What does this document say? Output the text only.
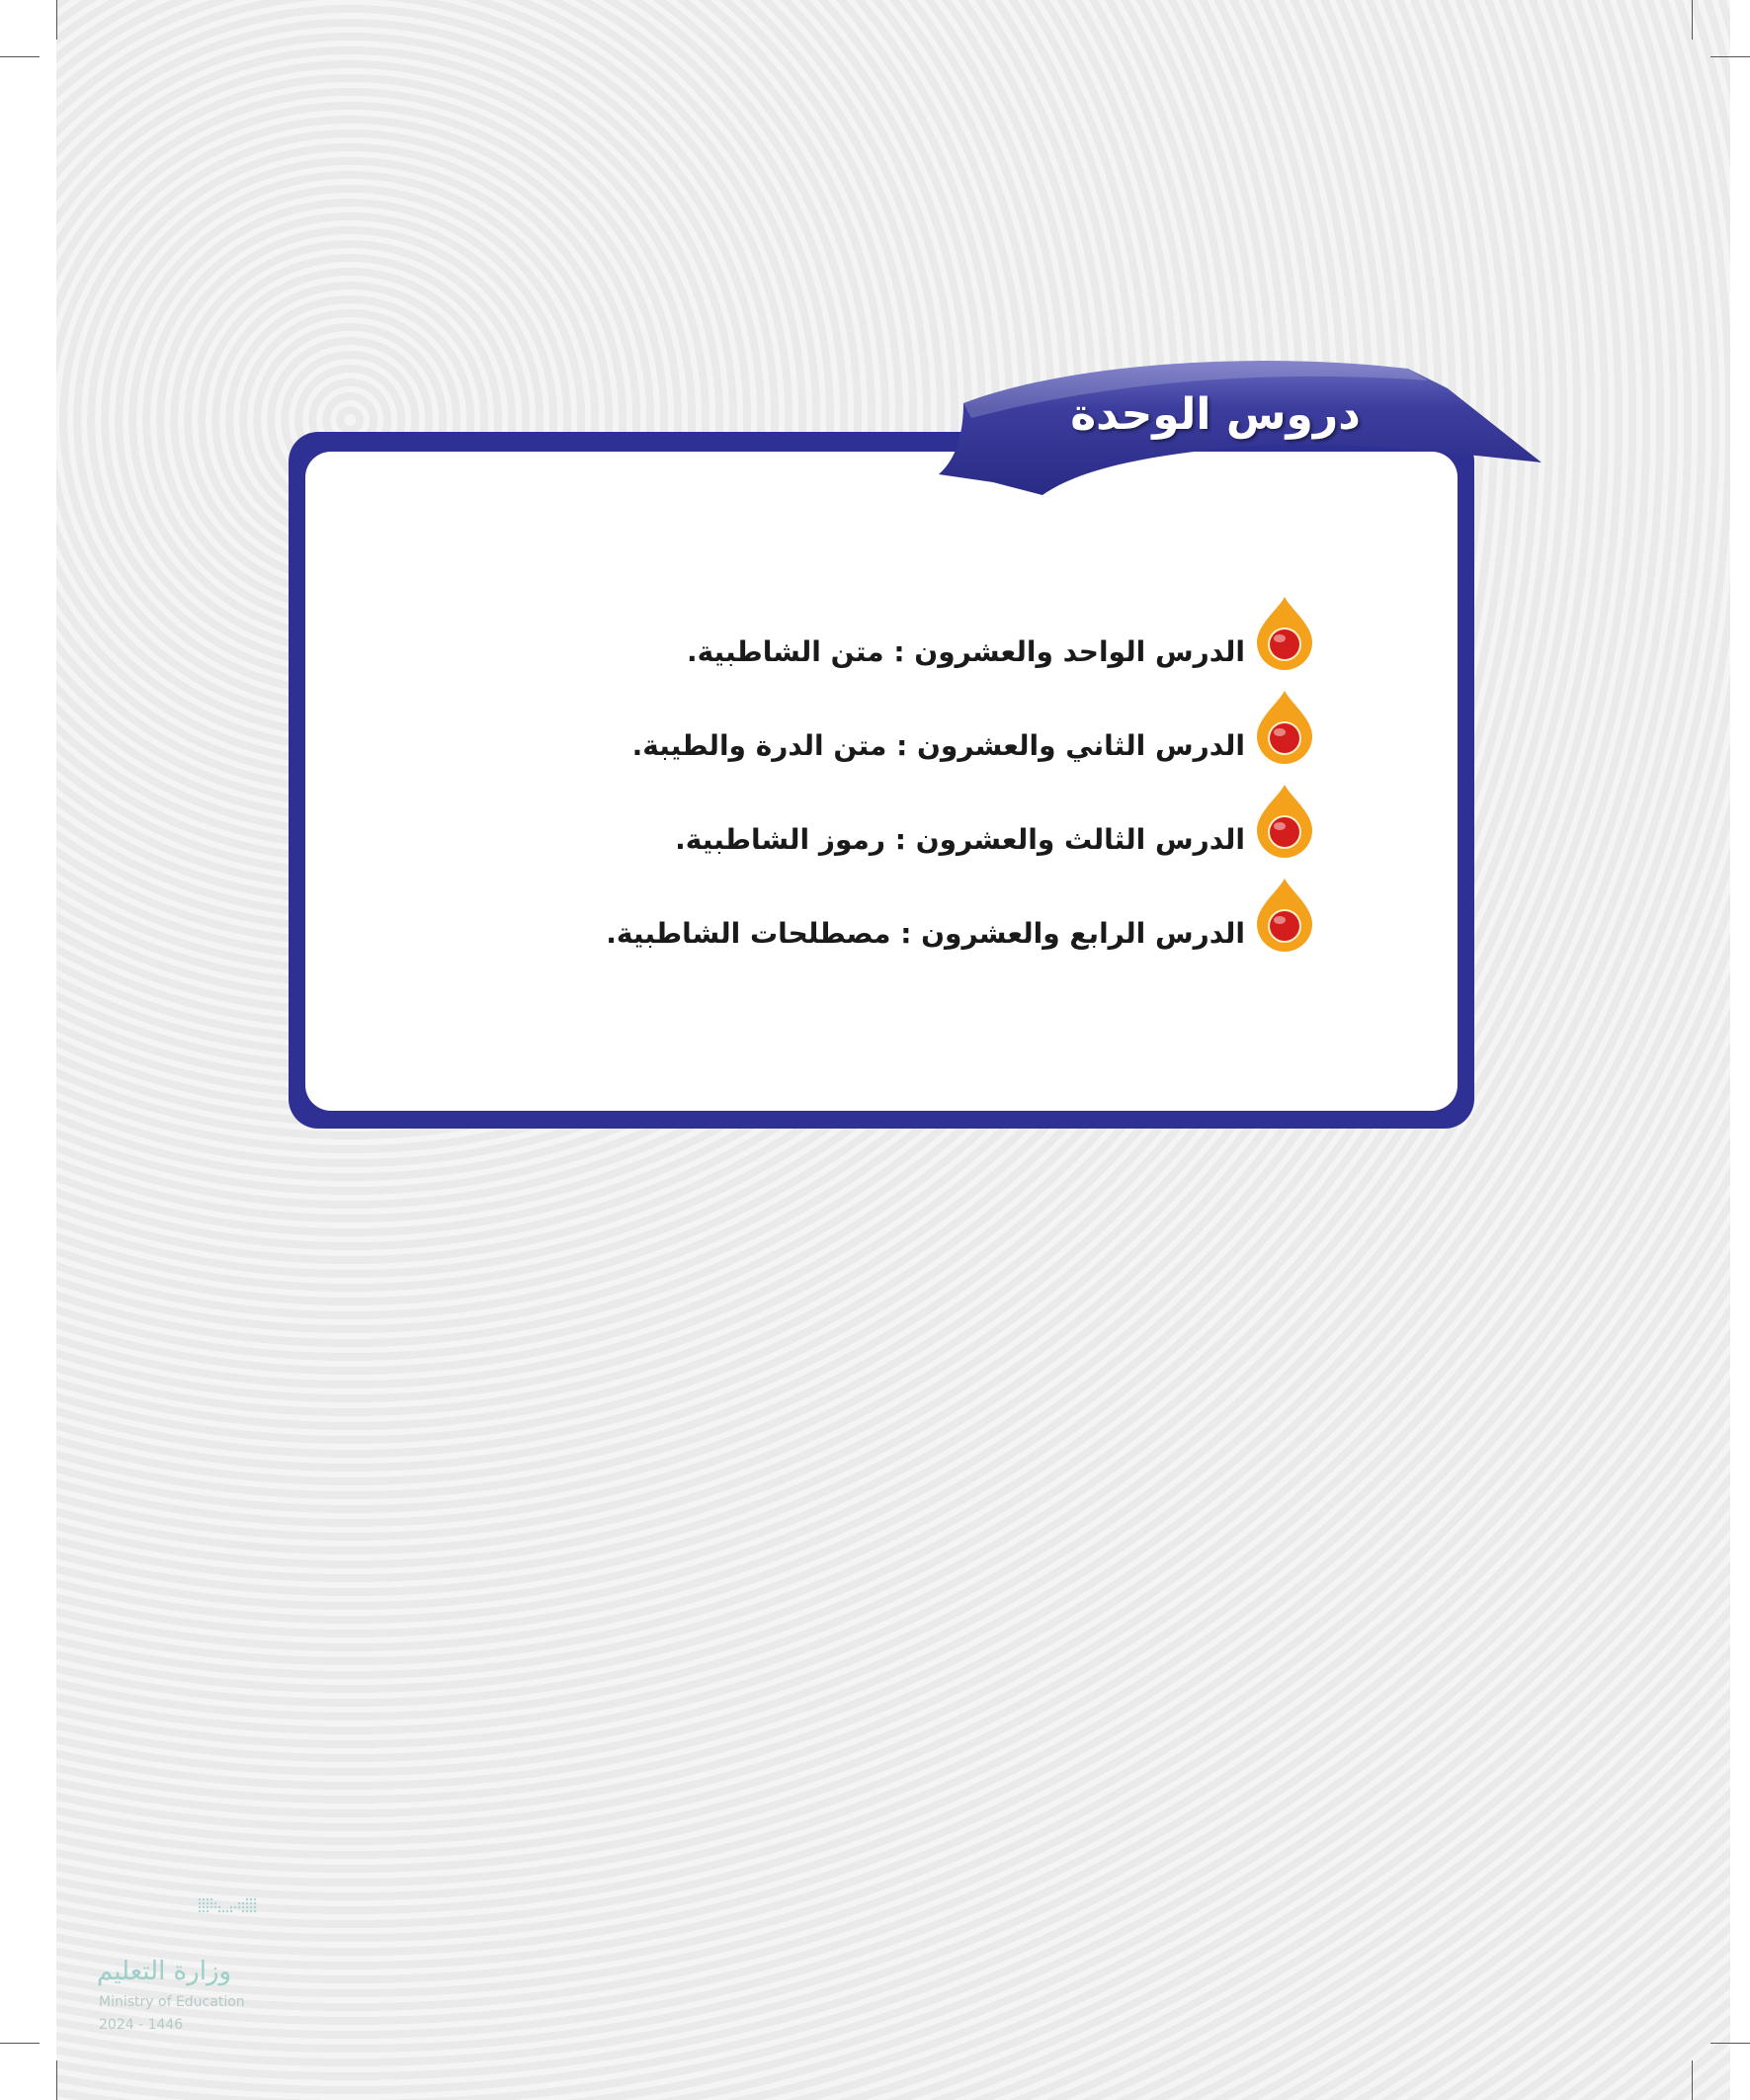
دروس الوحدة
الدرس الواحد والعشرون : متن الشاطبية.
الدرس الثاني والعشرون : متن الدرة والطيبة.
الدرس الثالث والعشرون : رموز الشاطبية.
الدرس الرابع والعشرون : مصطلحات الشاطبية.
وزارة التعليم
Ministry of Education
2024 - 1446
